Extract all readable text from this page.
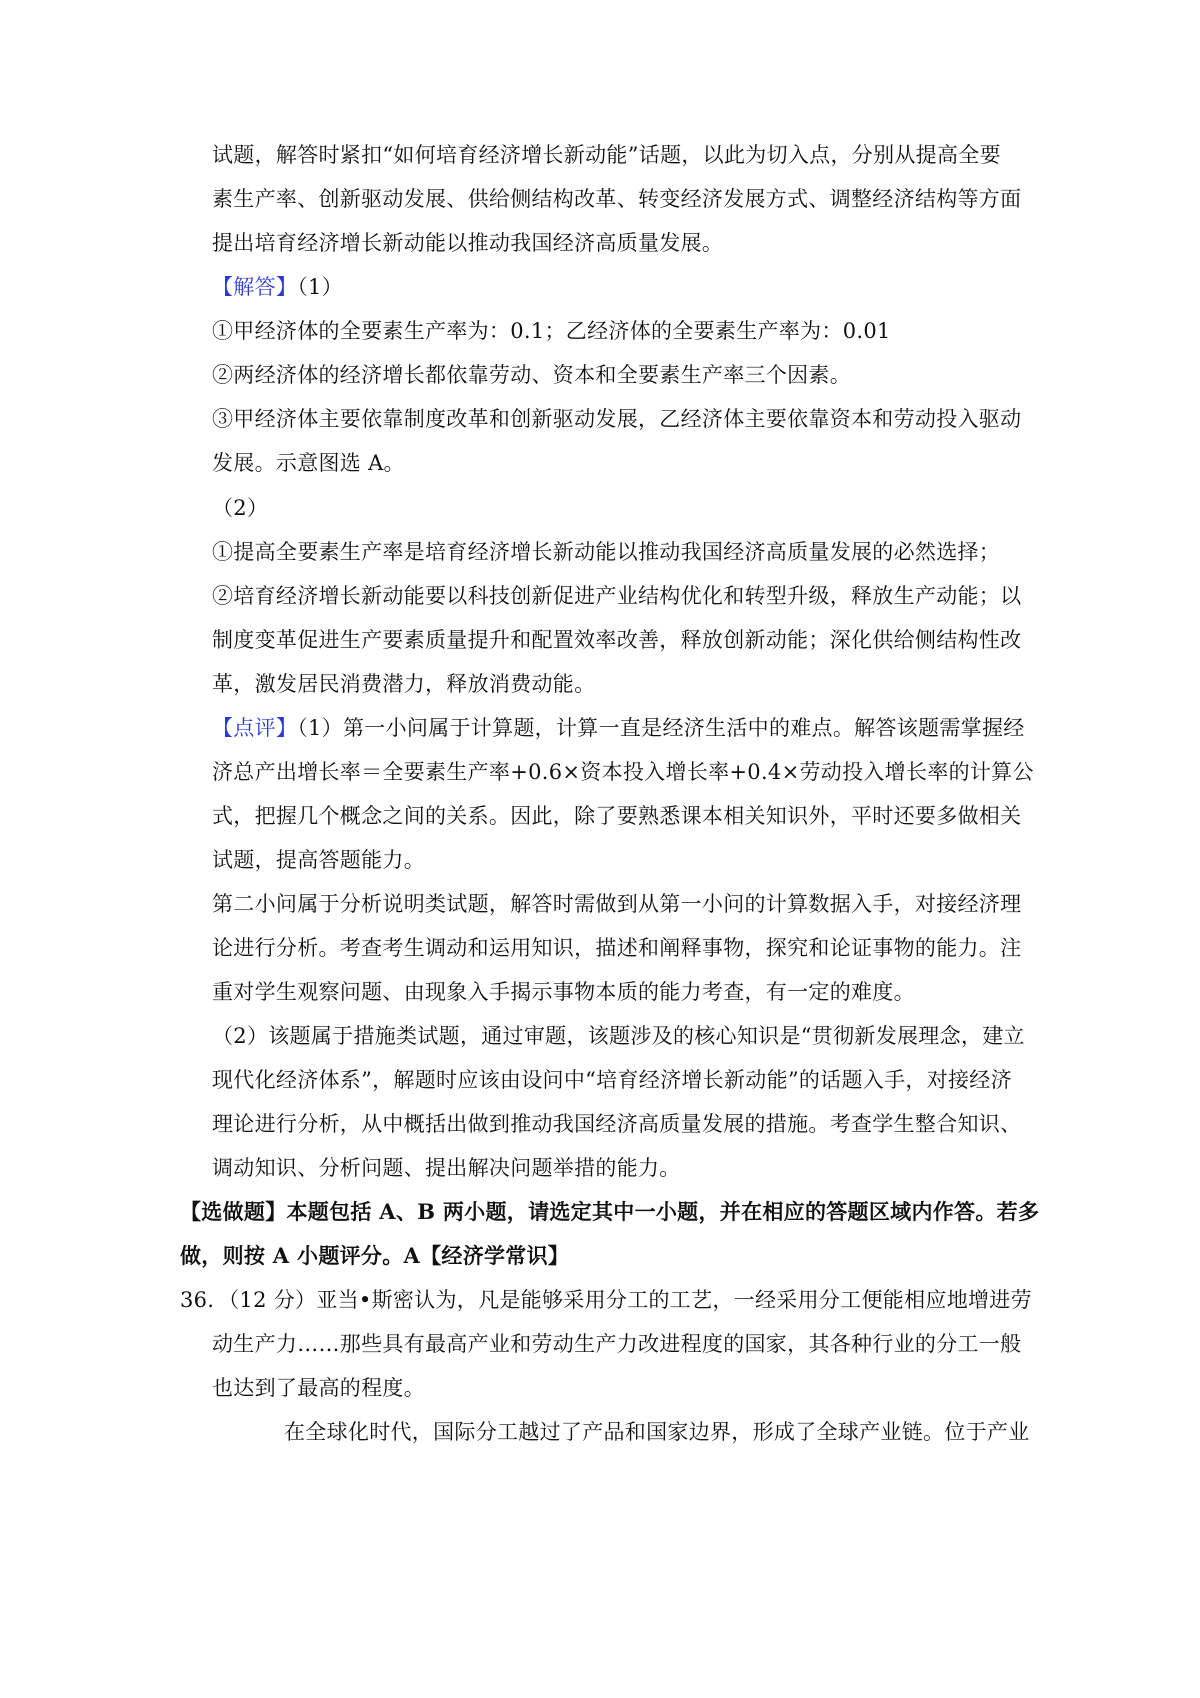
试题，解答时紧扣“如何培育经济增长新动能”话题，以此为切入点，分别从提高全要
素生产率、创新驱动发展、供给侧结构改革、转变经济发展方式、调整经济结构等方面
提出培育经济增长新动能以推动我国经济高质量发展。
【解答】（1）
①甲经济体的全要素生产率为：0.1；乙经济体的全要素生产率为：0.01
②两经济体的经济增长都依靠劳动、资本和全要素生产率三个因素。
③甲经济体主要依靠制度改革和创新驱动发展，乙经济体主要依靠资本和劳动投入驱动
发展。示意图选 A。
（2）
①提高全要素生产率是培育经济增长新动能以推动我国经济高质量发展的必然选择；
②培育经济增长新动能要以科技创新促进产业结构优化和转型升级，释放生产动能；以
制度变革促进生产要素质量提升和配置效率改善，释放创新动能；深化供给侧结构性改
革，激发居民消费潜力，释放消费动能。
【点评】（1）第一小问属于计算题，计算一直是经济生活中的难点。解答该题需掌握经
济总产出增长率＝全要素生产率+0.6×资本投入增长率+0.4×劳动投入增长率的计算公
式，把握几个概念之间的关系。因此，除了要熟悉课本相关知识外，平时还要多做相关
试题，提高答题能力。
第二小问属于分析说明类试题，解答时需做到从第一小问的计算数据入手，对接经济理
论进行分析。考查考生调动和运用知识，描述和阐释事物，探究和论证事物的能力。注
重对学生观察问题、由现象入手揭示事物本质的能力考查，有一定的难度。
（2）该题属于措施类试题，通过审题，该题涉及的核心知识是“贯彻新发展理念，建立
现代化经济体系”，解题时应该由设问中“培育经济增长新动能”的话题入手，对接经济
理论进行分析，从中概括出做到推动我国经济高质量发展的措施。考查学生整合知识、
调动知识、分析问题、提出解决问题举措的能力。
【选做题】本题包括 A、B 两小题，请选定其中一小题，并在相应的答题区域内作答。若多
做，则按 A 小题评分。A【经济学常识】
36．（12 分）亚当•斯密认为，凡是能够采用分工的工艺，一经采用分工便能相应地增进劳
动生产力……那些具有最高产业和劳动生产力改进程度的国家，其各种行业的分工一般
也达到了最高的程度。
在全球化时代，国际分工越过了产品和国家边界，形成了全球产业链。位于产业
